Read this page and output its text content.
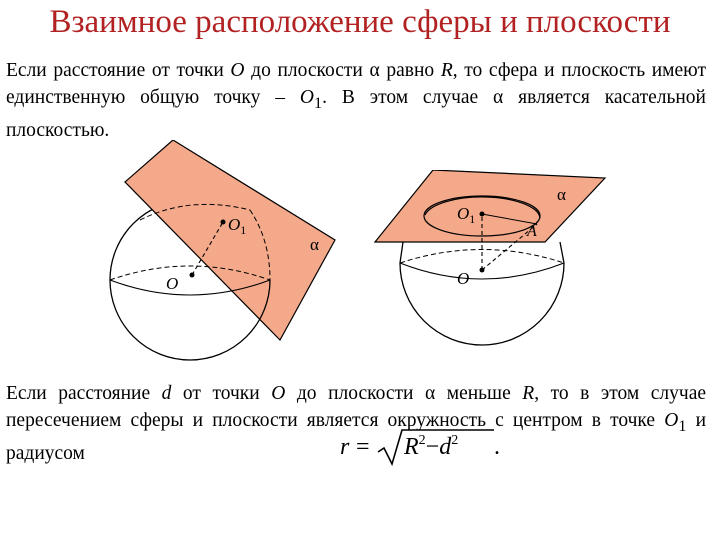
Взаимное расположение сферы и плоскости
Если расстояние от точки O до плоскости α равно R, то сфера и плоскость имеют единственную общую точку – $O_1$. В этом случае α является касательной плоскостью.
O
$O_1$
α
O
$O_1$
A
α
Если расстояние d от точки O до плоскости α меньше R, то в этом случае пересечением сферы и плоскости является окружность с центром в точке $O_1$ и радиусом	$r = R^2-d^2$ .
